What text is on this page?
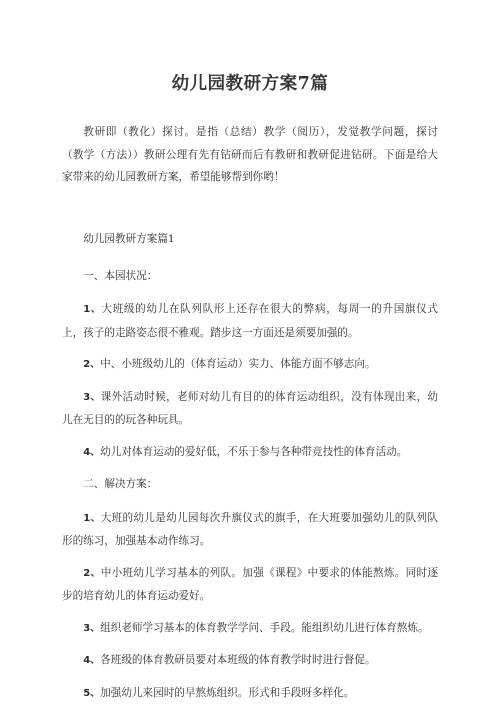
幼儿园教研方案7篇

教研即（教化）探讨。是指（总结）教学（阅历），发觉教学问题，探讨（教学（方法））教研公理有先有钻研而后有教研和教研促进钻研。下面是给大家带来的幼儿园教研方案，希望能够帮到你哟！

幼儿园教研方案篇1

一、本园状况：

1、大班级的幼儿在队列队形上还存在很大的弊病，每周一的升国旗仪式上，孩子的走路姿态很不雅观。踏步这一方面还是须要加强的。

2、中、小班级幼儿的（体育运动）实力、体能方面不够志向。

3、课外活动时候，老师对幼儿有目的的体育运动组织，没有体现出来，幼儿在无目的的玩各种玩具。

4、幼儿对体育运动的爱好低，不乐于参与各种带竞技性的体育活动。

二、解决方案：

1、大班的幼儿是幼儿园每次升旗仪式的旗手，在大班要加强幼儿的队列队形的练习，加强基本动作练习。

2、中小班幼儿学习基本的列队。加强《课程》中要求的体能熬炼。同时逐步的培育幼儿的体育运动爱好。

3、组织老师学习基本的体育教学学问、手段。能组织幼儿进行体育熬炼。

4、各班级的体育教研员要对本班级的体育教学时时进行督促。

5、加强幼儿来园时的早熬炼组织。形式和手段呀多样化。
